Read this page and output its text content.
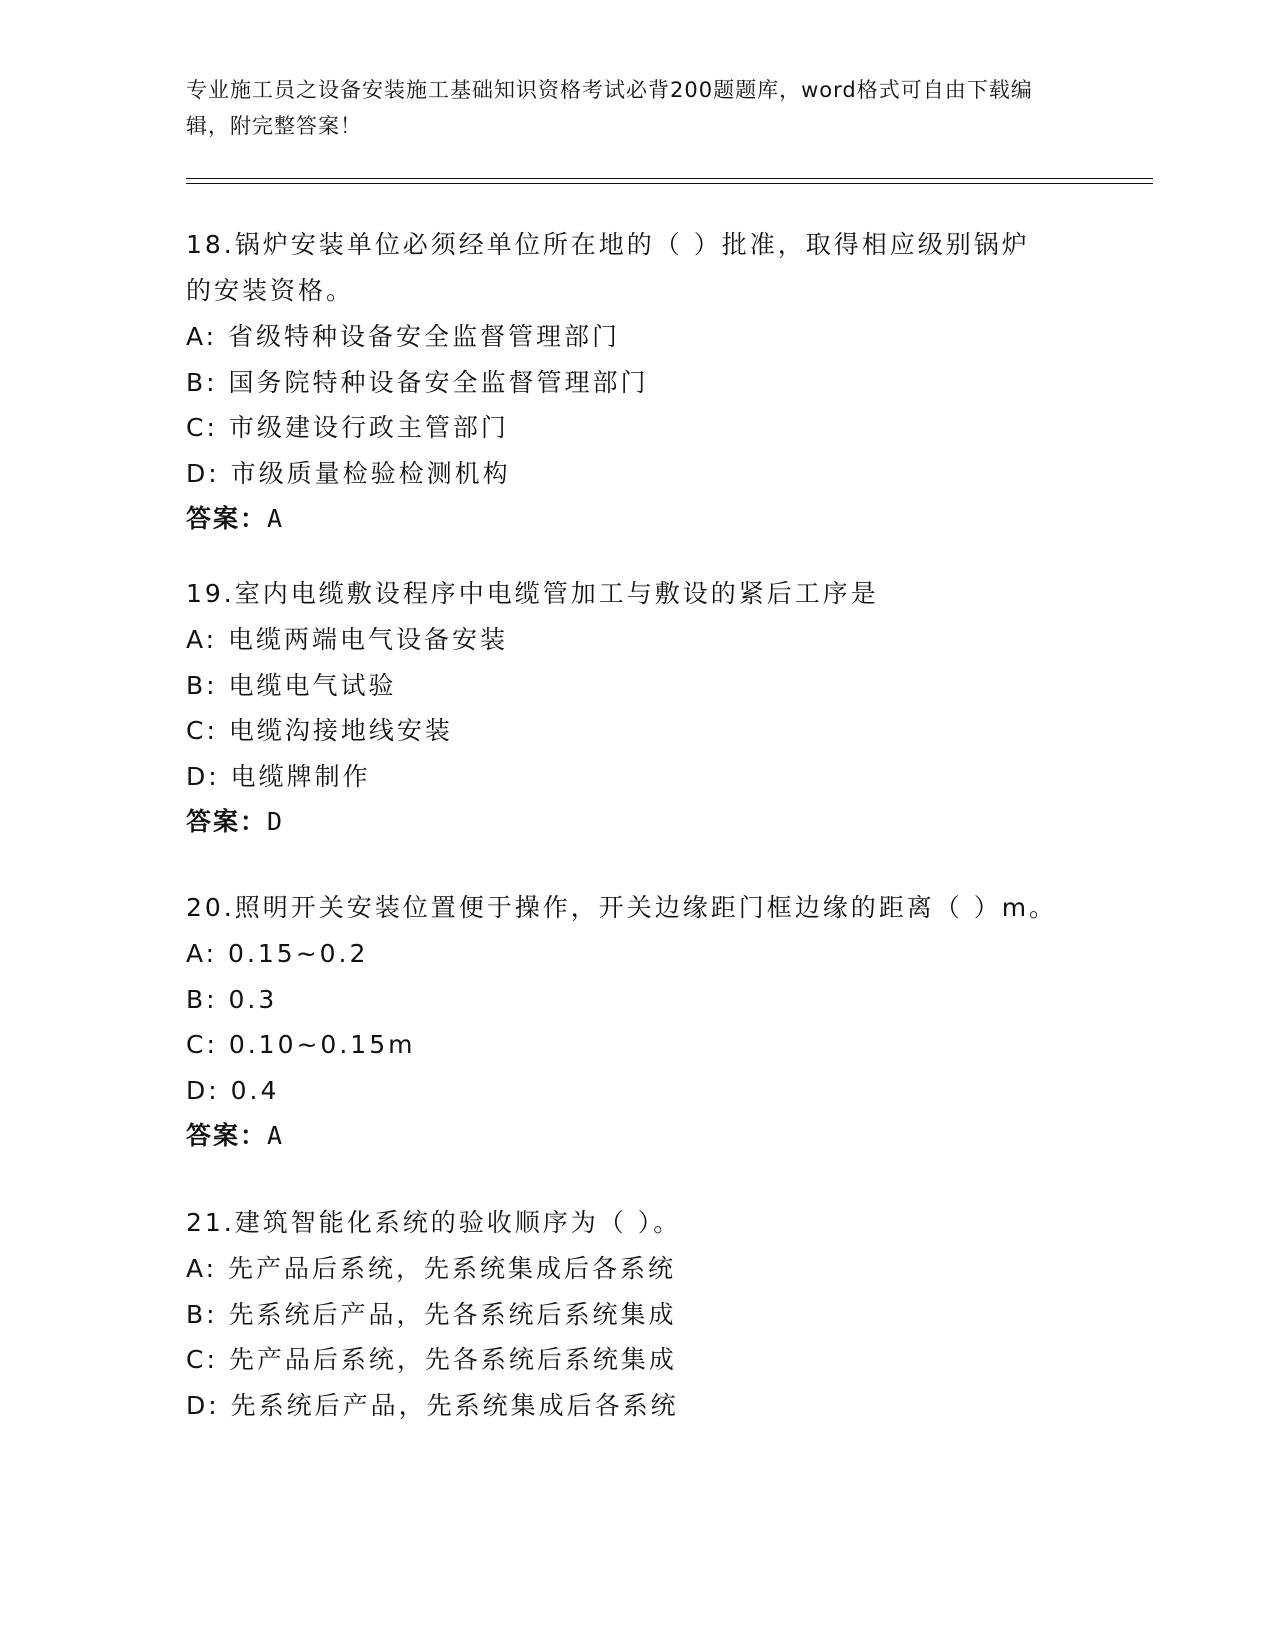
专业施工员之设备安装施工基础知识资格考试必背200题题库，word格式可自由下载编辑，附完整答案！

18.锅炉安装单位必须经单位所在地的（ ）批准，取得相应级别锅炉的安装资格。

A: 省级特种设备安全监督管理部门

B: 国务院特种设备安全监督管理部门

C: 市级建设行政主管部门

D: 市级质量检验检测机构

答案：A

19.室内电缆敷设程序中电缆管加工与敷设的紧后工序是

A: 电缆两端电气设备安装

B: 电缆电气试验

C: 电缆沟接地线安装

D: 电缆牌制作

答案：D

20.照明开关安装位置便于操作，开关边缘距门框边缘的距离（ ）m。

A: 0.15~0.2

B: 0.3

C: 0.10~0.15m

D: 0.4

答案：A

21.建筑智能化系统的验收顺序为（ ）。

A: 先产品后系统，先系统集成后各系统

B: 先系统后产品，先各系统后系统集成

C: 先产品后系统，先各系统后系统集成

D: 先系统后产品，先系统集成后各系统
